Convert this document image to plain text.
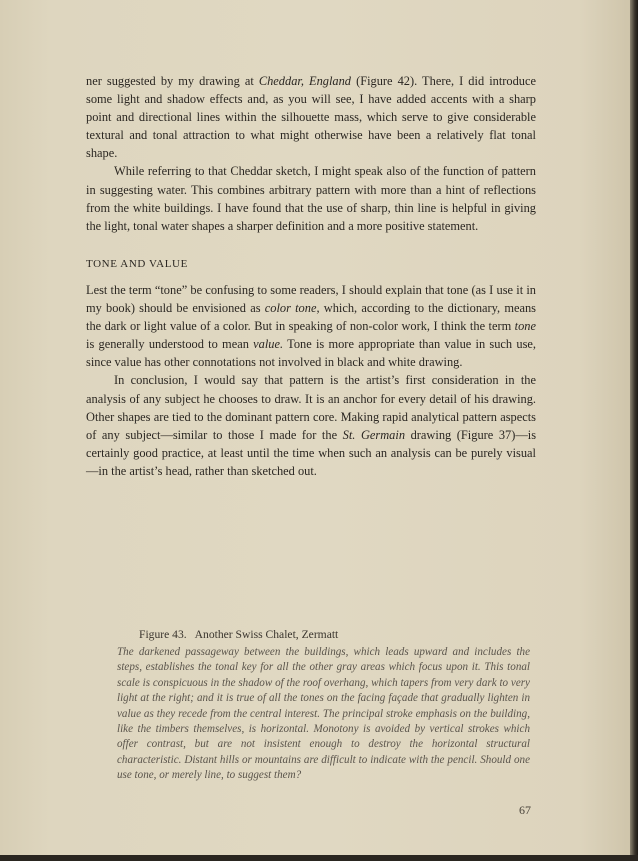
ner suggested by my drawing at Cheddar, England (Figure 42). There, I did introduce some light and shadow effects and, as you will see, I have added accents with a sharp point and directional lines within the silhouette mass, which serve to give considerable textural and tonal attraction to what might otherwise have been a relatively flat tonal shape.

While referring to that Cheddar sketch, I might speak also of the function of pattern in suggesting water. This combines arbitrary pattern with more than a hint of reflections from the white buildings. I have found that the use of sharp, thin line is helpful in giving the light, tonal water shapes a sharper definition and a more positive statement.

TONE AND VALUE

Lest the term “tone” be confusing to some readers, I should explain that tone (as I use it in my book) should be envisioned as color tone, which, according to the dictionary, means the dark or light value of a color. But in speaking of non-color work, I think the term tone is generally understood to mean value. Tone is more appropriate than value in such use, since value has other connotations not involved in black and white drawing.

In conclusion, I would say that pattern is the artist’s first consideration in the analysis of any subject he chooses to draw. It is an anchor for every detail of his drawing. Other shapes are tied to the dominant pattern core. Making rapid analytical pattern aspects of any subject—similar to those I made for the St. Germain drawing (Figure 37)—is certainly good practice, at least until the time when such an analysis can be purely visual—in the artist’s head, rather than sketched out.

Figure 43. Another Swiss Chalet, Zermatt
The darkened passageway between the buildings, which leads upward and includes the steps, establishes the tonal key for all the other gray areas which focus upon it. This tonal scale is conspicuous in the shadow of the roof overhang, which tapers from very dark to very light at the right; and it is true of all the tones on the facing façade that gradually lighten in value as they recede from the central interest. The principal stroke emphasis on the building, like the timbers themselves, is horizontal. Monotony is avoided by vertical strokes which offer contrast, but are not insistent enough to destroy the horizontal structural characteristic. Distant hills or mountains are difficult to indicate with the pencil. Should one use tone, or merely line, to suggest them?
67
